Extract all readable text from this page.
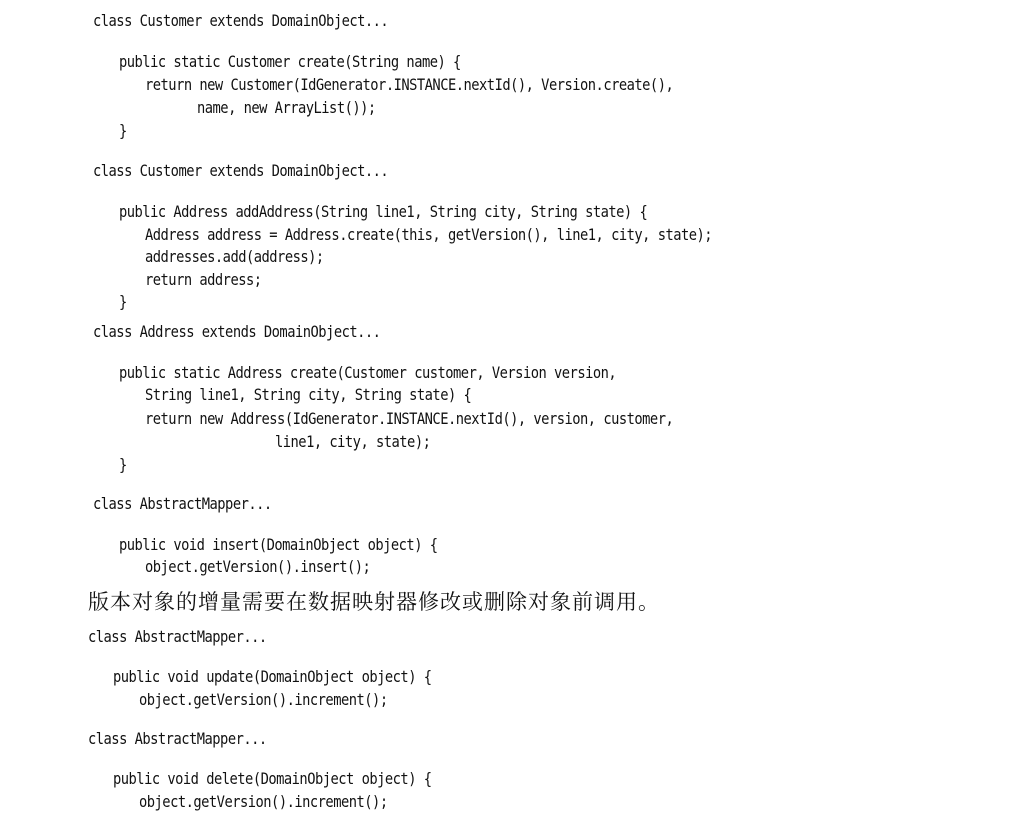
class Customer extends DomainObject...
public static Customer create(String name) {
return new Customer(IdGenerator.INSTANCE.nextId(), Version.create(),
name, new ArrayList());
}
class Customer extends DomainObject...
public Address addAddress(String line1, String city, String state) {
Address address = Address.create(this, getVersion(), line1, city, state);
addresses.add(address);
return address;
}
class Address extends DomainObject...
public static Address create(Customer customer, Version version,
String line1, String city, String state) {
return new Address(IdGenerator.INSTANCE.nextId(), version, customer,
line1, city, state);
}
class AbstractMapper...
public void insert(DomainObject object) {
object.getVersion().insert();
版本对象的增量需要在数据映射器修改或删除对象前调用。
class AbstractMapper...
public void update(DomainObject object) {
object.getVersion().increment();
class AbstractMapper...
public void delete(DomainObject object) {
object.getVersion().increment();
